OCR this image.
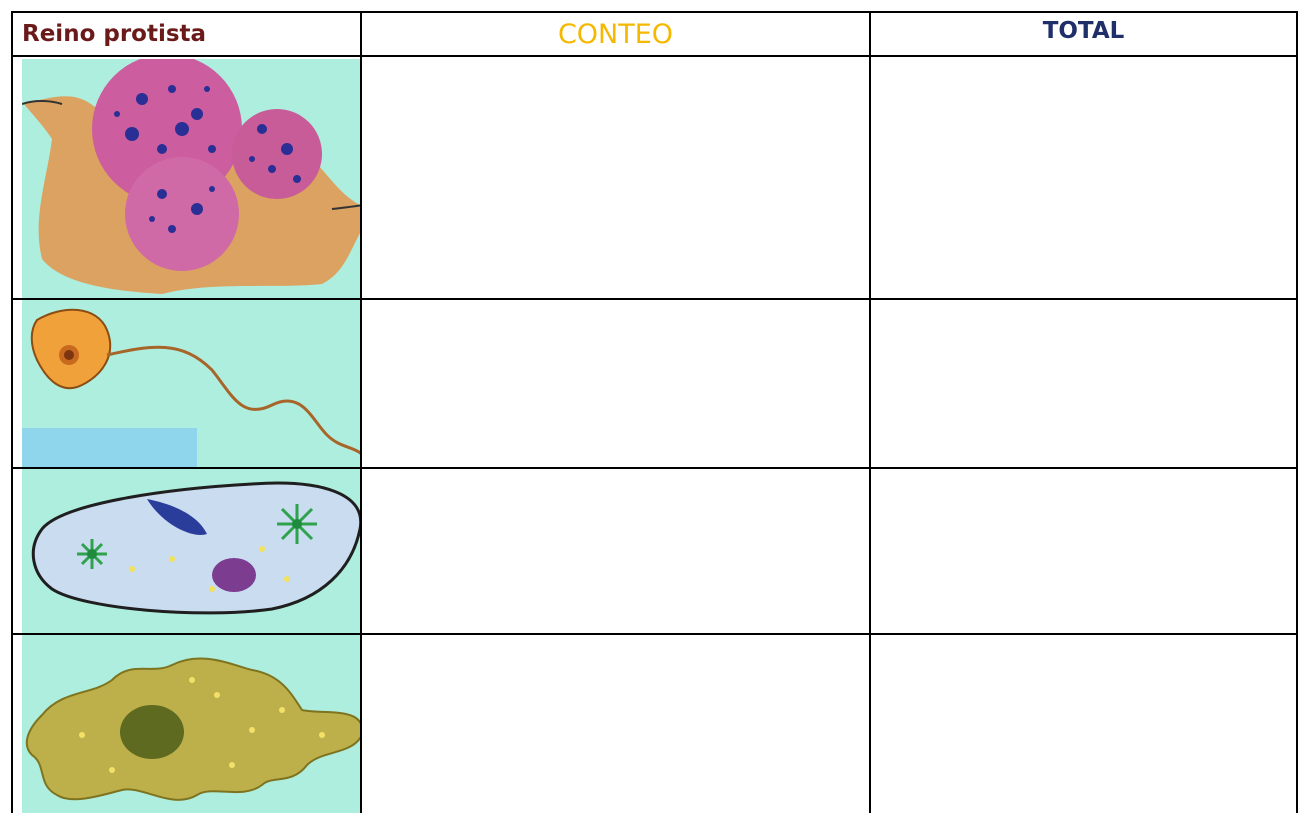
Reino protista	CONTEO	TOTAL
